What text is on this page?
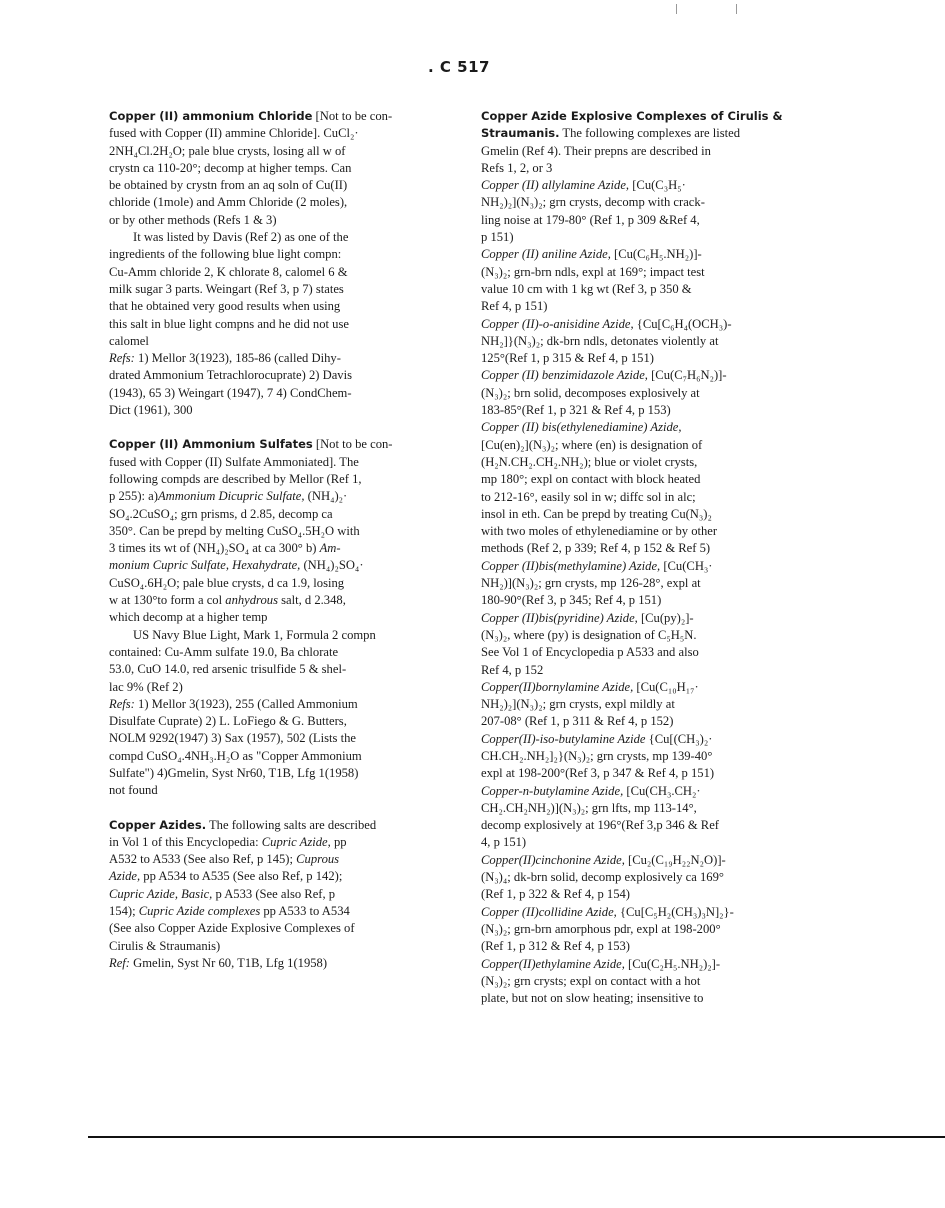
. C 517
Copper (II) ammonium Chloride [Not to be con-
fused with Copper (II) ammine Chloride]. CuCl₂·
2NH₄Cl.2H₂O; pale blue crysts, losing all w of
crystn ca 110-20°; decomp at higher temps. Can
be obtained by crystn from an aq soln of Cu(II)
chloride (1mole) and Amm Chloride (2 moles),
or by other methods (Refs 1 & 3)
It was listed by Davis (Ref 2) as one of the
ingredients of the following blue light compn:
Cu-Amm chloride 2, K chlorate 8, calomel 6 &
milk sugar 3 parts. Weingart (Ref 3, p 7) states
that he obtained very good results when using
this salt in blue light compns and he did not use
calomel
Refs: 1) Mellor 3(1923), 185-86 (called Dihy-
drated Ammonium Tetrachlorocuprate) 2) Davis
(1943), 65 3) Weingart (1947), 7 4) CondChem-
Dict (1961), 300
Copper (II) Ammonium Sulfates [Not to be con-
fused with Copper (II) Sulfate Ammoniated]. The
following compds are described by Mellor (Ref 1,
p 255): a)Ammonium Dicupric Sulfate, (NH₄)₂·
SO₄.2CuSO₄; grn prisms, d 2.85, decomp ca
350°. Can be prepd by melting CuSO₄.5H₂O with
3 times its wt of (NH₄)₂SO₄ at ca 300° b) Am-
monium Cupric Sulfate, Hexahydrate, (NH₄)₂SO₄·
CuSO₄.6H₂O; pale blue crysts, d ca 1.9, losing
w at 130°to form a col anhydrous salt, d 2.348,
which decomp at a higher temp
US Navy Blue Light, Mark 1, Formula 2 compn
contained: Cu-Amm sulfate 19.0, Ba chlorate
53.0, CuO 14.0, red arsenic trisulfide 5 & shel-
lac 9% (Ref 2)
Refs: 1) Mellor 3(1923), 255 (Called Ammonium
Disulfate Cuprate) 2) L. LoFiego & G. Butters,
NOLM 9292(1947) 3) Sax (1957), 502 (Lists the
compd CuSO₄.4NH₃.H₂O as "Copper Ammonium
Sulfate") 4)Gmelin, Syst Nr60, T1B, Lfg 1(1958)
not found
Copper Azides. The following salts are described
in Vol 1 of this Encyclopedia: Cupric Azide, pp
A532 to A533 (See also Ref, p 145); Cuprous
Azide, pp A534 to A535 (See also Ref, p 142);
Cupric Azide, Basic, p A533 (See also Ref, p
154); Cupric Azide complexes pp A533 to A534
(See also Copper Azide Explosive Complexes of
Cirulis & Straumanis)
Ref: Gmelin, Syst Nr 60, T1B, Lfg 1(1958)
Copper Azide Explosive Complexes of Cirulis &
Straumanis. The following complexes are listed
Gmelin (Ref 4). Their prepns are described in
Refs 1, 2, or 3
Copper (II) allylamine Azide, [Cu(C₃H₅·
NH₂)₂](N₃)₂; grn crysts, decomp with crack-
ling noise at 179-80° (Ref 1, p 309 &Ref 4,
p 151)
Copper (II) aniline Azide, [Cu(C₆H₅.NH₂)]-
(N₃)₂; grn-brn ndls, expl at 169°; impact test
value 10 cm with 1 kg wt (Ref 3, p 350 &
Ref 4, p 151)
Copper (II)-o-anisidine Azide, {Cu[C₆H₄(OCH₃)-
NH₂]}(N₃)₂; dk-brn ndls, detonates violently at
125°(Ref 1, p 315 & Ref 4, p 151)
Copper (II) benzimidazole Azide, [Cu(C₇H₆N₂)]-
(N₃)₂; brn solid, decomposes explosively at
183-85°(Ref 1, p 321 & Ref 4, p 153)
Copper (II) bis(ethylenediamine) Azide,
[Cu(en)₂](N₃)₂; where (en) is designation of
(H₂N.CH₂.CH₂.NH₂); blue or violet crysts,
mp 180°; expl on contact with block heated
to 212-16°, easily sol in w; diffc sol in alc;
insol in eth. Can be prepd by treating Cu(N₃)₂
with two moles of ethylenediamine or by other
methods (Ref 2, p 339; Ref 4, p 152 & Ref 5)
Copper (II)bis(methylamine) Azide, [Cu(CH₃·
NH₂)](N₃)₂; grn crysts, mp 126-28°, expl at
180-90°(Ref 3, p 345; Ref 4, p 151)
Copper (II)bis(pyridine) Azide, [Cu(py)₂]-
(N₃)₂, where (py) is designation of C₅H₅N.
See Vol 1 of Encyclopedia p A533 and also
Ref 4, p 152
Copper(II)bornylamine Azide, [Cu(C₁₀H₁₇·
NH₂)₂](N₃)₂; grn crysts, expl mildly at
207-08° (Ref 1, p 311 & Ref 4, p 152)
Copper(II)-iso-butylamine Azide {Cu[(CH₃)₂·
CH.CH₂.NH₂]₂}(N₃)₂; grn crysts, mp 139-40°
expl at 198-200°(Ref 3, p 347 & Ref 4, p 151)
Copper-n-butylamine Azide, [Cu(CH₃.CH₂·
CH₂.CH₂NH₂)](N₃)₂; grn lfts, mp 113-14°,
decomp explosively at 196°(Ref 3,p 346 & Ref
4, p 151)
Copper(II)cinchonine Azide, [Cu₂(C₁₉H₂₂N₂O)]-
(N₃)₄; dk-brn solid, decomp explosively ca 169°
(Ref 1, p 322 & Ref 4, p 154)
Copper (II)collidine Azide, {Cu[C₅H₂(CH₃)₃N]₂}-
(N₃)₂; grn-brn amorphous pdr, expl at 198-200°
(Ref 1, p 312 & Ref 4, p 153)
Copper(II)ethylamine Azide, [Cu(C₂H₅.NH₂)₂]-
(N₃)₂; grn crysts; expl on contact with a hot
plate, but not on slow heating; insensitive to
